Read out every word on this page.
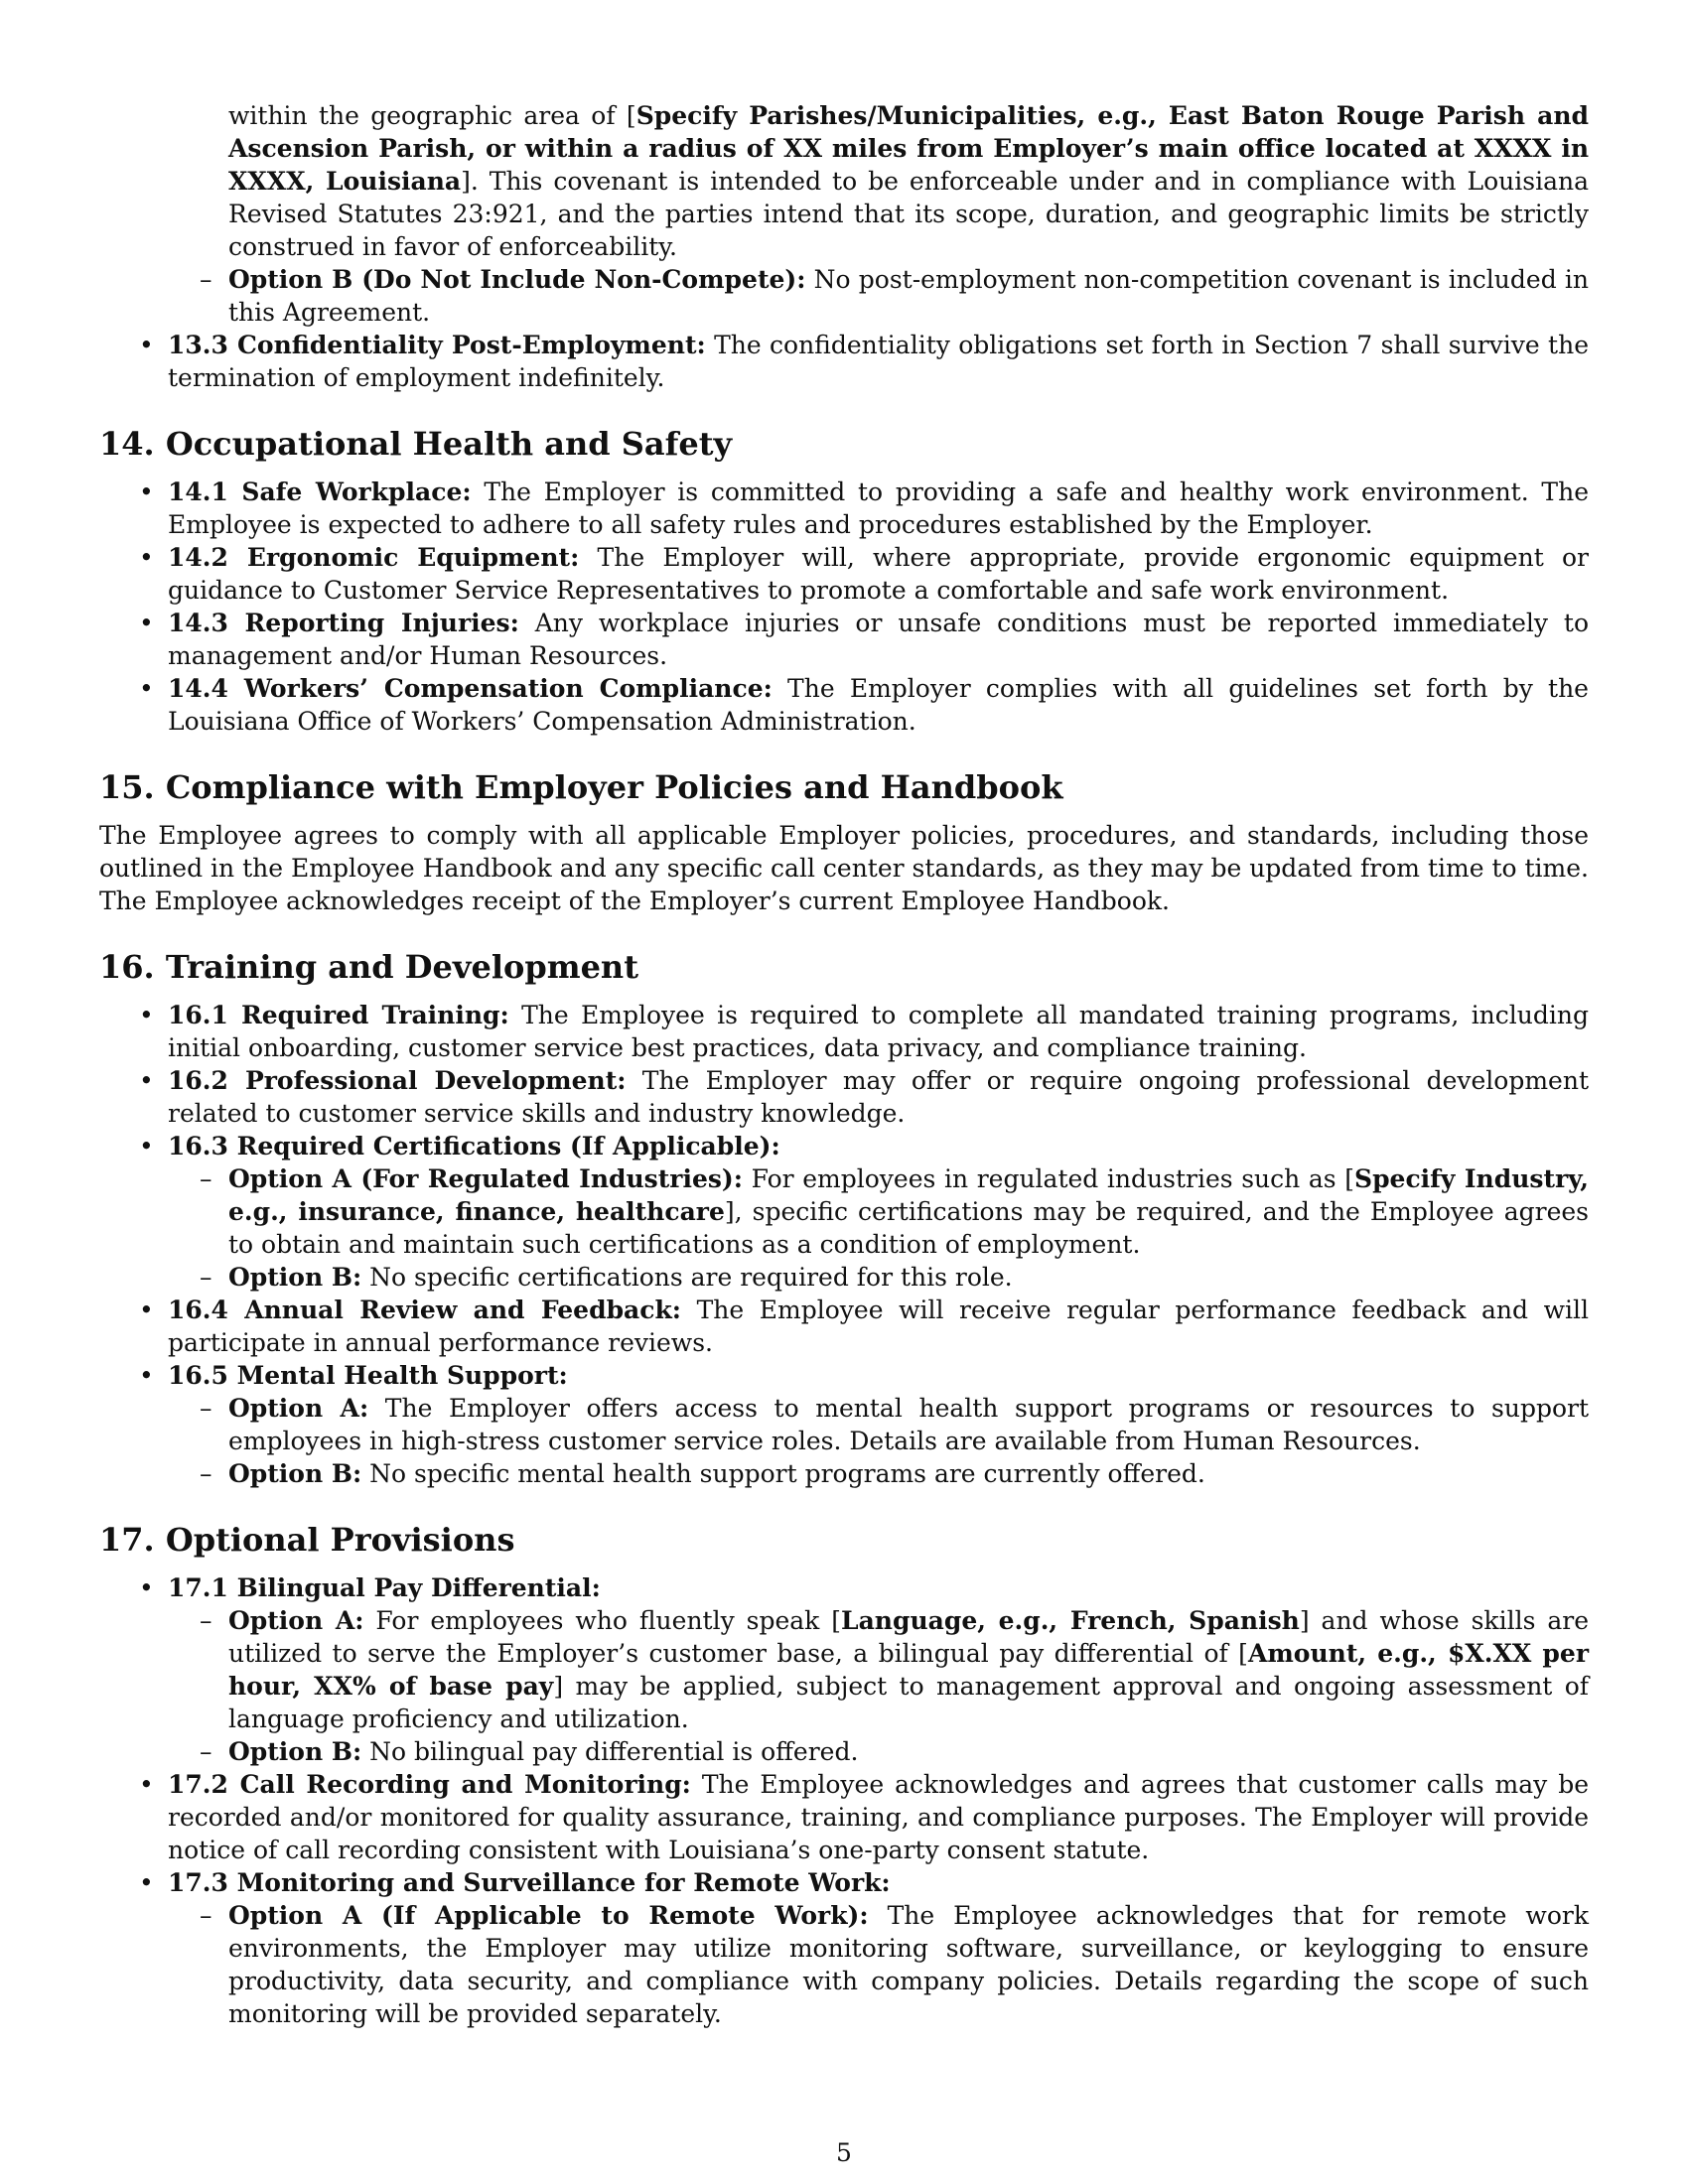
within the geographic area of [Specify Parishes/Municipalities, e.g., East Baton Rouge Parish and Ascension Parish, or within a radius of XX miles from Employer’s main office located at XXXX in XXXX, Louisiana]. This covenant is intended to be enforceable under and in compliance with Louisiana Revised Statutes 23:921, and the parties intend that its scope, duration, and geographic limits be strictly construed in favor of enforceability.

– Option B (Do Not Include Non-Compete): No post-employment non-competition covenant is included in this Agreement.
• 13.3 Confidentiality Post-Employment: The confidentiality obligations set forth in Section 7 shall survive the termination of employment indefinitely.
14. Occupational Health and Safety
• 14.1 Safe Workplace: The Employer is committed to providing a safe and healthy work environment. The Employee is expected to adhere to all safety rules and procedures established by the Employer.
• 14.2 Ergonomic Equipment: The Employer will, where appropriate, provide ergonomic equipment or guidance to Customer Service Representatives to promote a comfortable and safe work environment.
• 14.3 Reporting Injuries: Any workplace injuries or unsafe conditions must be reported immediately to management and/or Human Resources.
• 14.4 Workers’ Compensation Compliance: The Employer complies with all guidelines set forth by the Louisiana Office of Workers’ Compensation Administration.
15. Compliance with Employer Policies and Handbook

The Employee agrees to comply with all applicable Employer policies, procedures, and standards, including those outlined in the Employee Handbook and any specific call center standards, as they may be updated from time to time. The Employee acknowledges receipt of the Employer’s current Employee Handbook.

16. Training and Development
• 16.1 Required Training: The Employee is required to complete all mandated training programs, including initial onboarding, customer service best practices, data privacy, and compliance training.
• 16.2 Professional Development: The Employer may offer or require ongoing professional development related to customer service skills and industry knowledge.
• 16.3 Required Certifications (If Applicable):
– Option A (For Regulated Industries): For employees in regulated industries such as [Specify Industry, e.g., insurance, finance, healthcare], specific certifications may be required, and the Employee agrees to obtain and maintain such certifications as a condition of employment.
– Option B: No specific certifications are required for this role.
• 16.4 Annual Review and Feedback: The Employee will receive regular performance feedback and will participate in annual performance reviews.
• 16.5 Mental Health Support:
– Option A: The Employer offers access to mental health support programs or resources to support employees in high-stress customer service roles. Details are available from Human Resources.
– Option B: No specific mental health support programs are currently offered.
17. Optional Provisions
• 17.1 Bilingual Pay Differential:
– Option A: For employees who fluently speak [Language, e.g., French, Spanish] and whose skills are utilized to serve the Employer’s customer base, a bilingual pay differential of [Amount, e.g., $X.XX per hour, XX% of base pay] may be applied, subject to management approval and ongoing assessment of language proficiency and utilization.
– Option B: No bilingual pay differential is offered.
• 17.2 Call Recording and Monitoring: The Employee acknowledges and agrees that customer calls may be recorded and/or monitored for quality assurance, training, and compliance purposes. The Employer will provide notice of call recording consistent with Louisiana’s one-party consent statute.
• 17.3 Monitoring and Surveillance for Remote Work:
– Option A (If Applicable to Remote Work): The Employee acknowledges that for remote work environments, the Employer may utilize monitoring software, surveillance, or keylogging to ensure productivity, data security, and compliance with company policies. Details regarding the scope of such monitoring will be provided separately.
5
